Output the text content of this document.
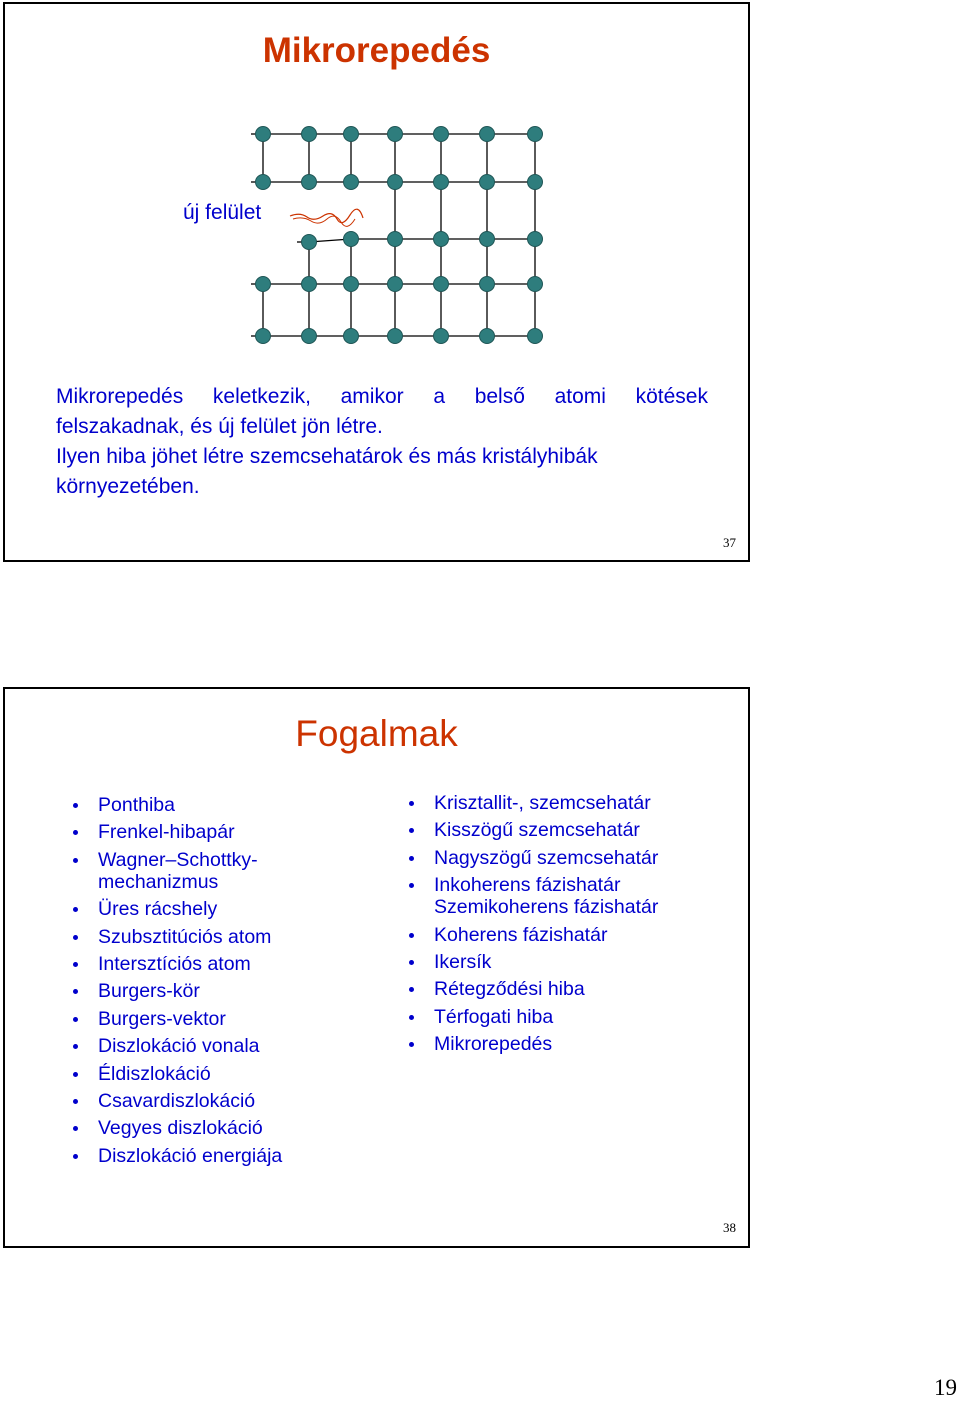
Mikrorepedés
új felület
Mikrorepedés keletkezik, amikor a belső atomi kötések
felszakadnak, és új felület jön létre.
Ilyen hiba jöhet létre szemcsehatárok és más kristályhibák
környezetében.
37
Fogalmak
Ponthiba
Frenkel-hibapár
Wagner–Schottky-
mechanizmus
Üres rácshely
Szubsztitúciós atom
Intersztíciós atom
Burgers-kör
Burgers-vektor
Diszlokáció vonala
Éldiszlokáció
Csavardiszlokáció
Vegyes diszlokáció
Diszlokáció energiája
Krisztallit-, szemcsehatár
Kisszögű szemcsehatár
Nagyszögű szemcsehatár
Inkoherens fázishatár
Szemikoherens fázishatár
Koherens fázishatár
Ikersík
Rétegződési hiba
Térfogati hiba
Mikrorepedés
38
19
